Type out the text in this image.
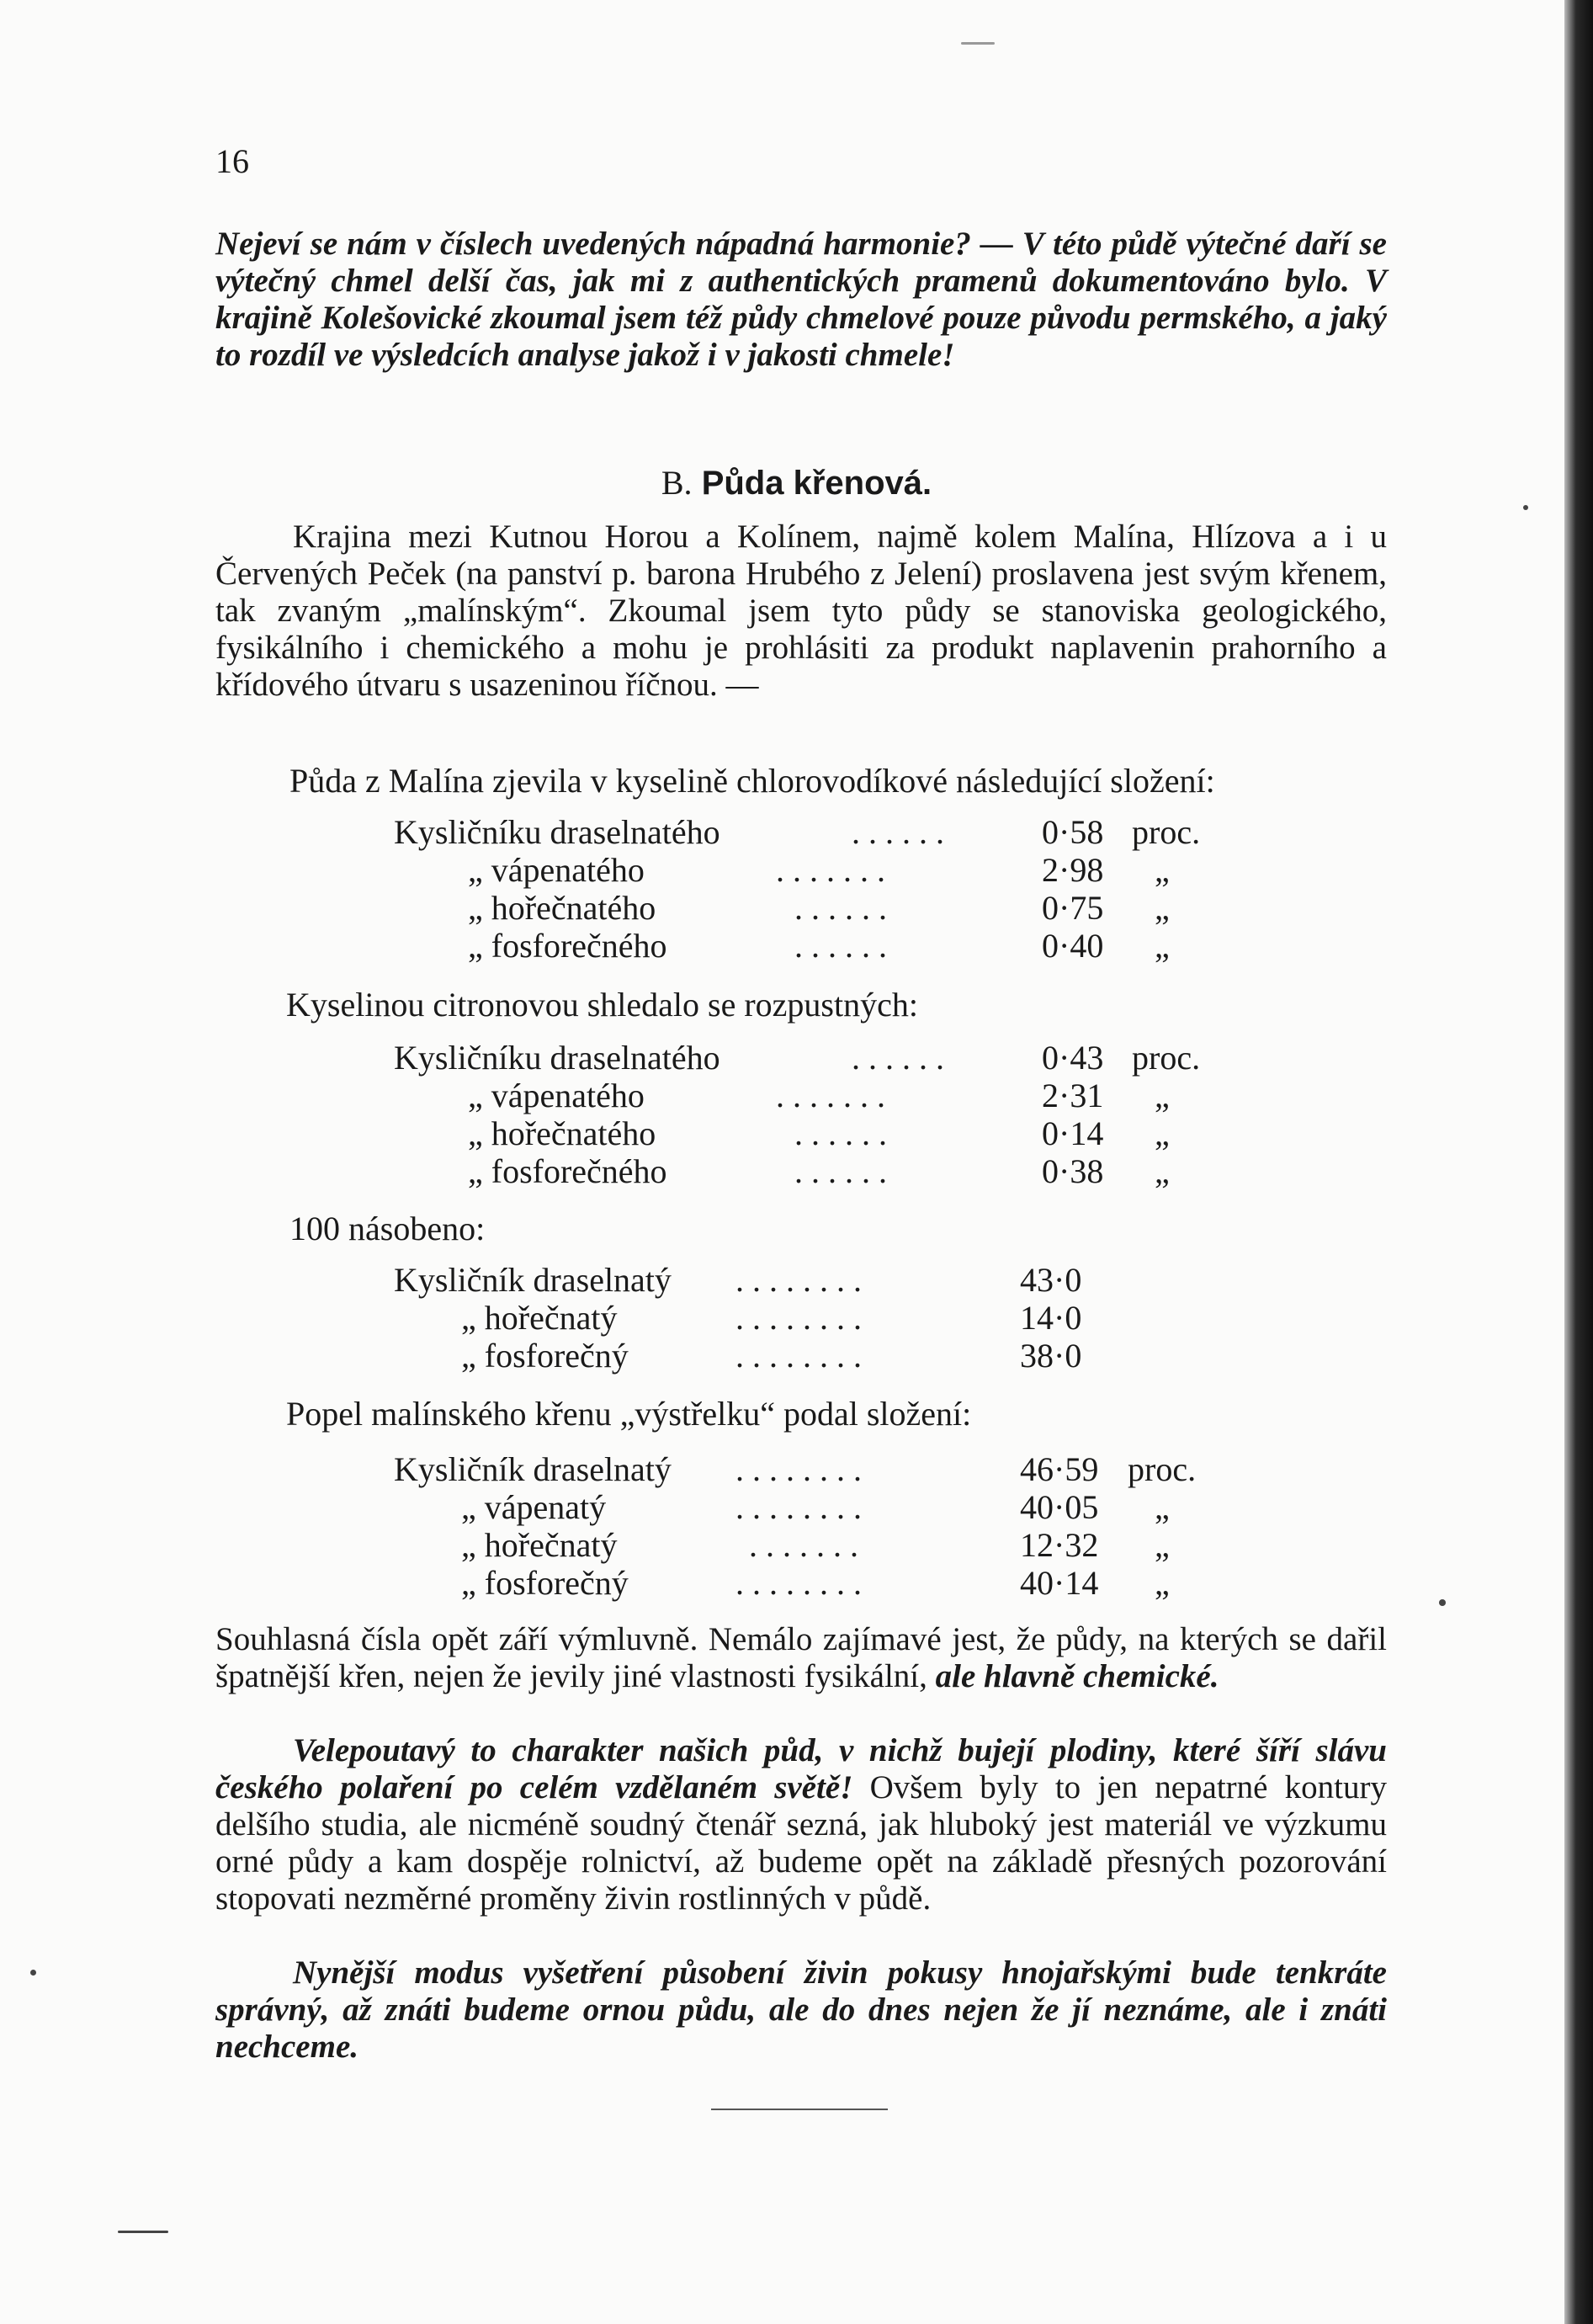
16

Nejeví se nám v číslech uvedených nápadná harmonie? — V této půdě výtečné daří se výtečný chmel delší čas, jak mi z authentických pramenů dokumentováno bylo. V krajině Kolešovické zkoumal jsem též půdy chmelové pouze původu permského, a jaký to rozdíl ve výsledcích analyse jakož i v jakosti chmele!

B. Půda křenová.

Krajina mezi Kutnou Horou a Kolínem, najmě kolem Malína, Hlízova a i u Červených Peček (na panství p. barona Hrubého z Jelení) proslavena jest svým křenem, tak zvaným „malínským“. Zkoumal jsem tyto půdy se stanoviska geologického, fysikálního i chemického a mohu je prohlásiti za produkt naplavenin prahorního a křídového útvaru s usazeninou říčnou. —

Půda z Malína zjevila v kyselině chlorovodíkové následující složení:
Kysličníku draselnatého	. . . . . .	0·58 proc.
„ vápenatého	. . . . . . .	2·98 „
„ hořečnatého	. . . . . .	0·75 „
„ fosforečného	. . . . . .	0·40 „
Kyselinou citronovou shledalo se rozpustných:
Kysličníku draselnatého	. . . . . .	0·43 proc.
„ vápenatého	. . . . . . .	2·31 „
„ hořečnatého	. . . . . .	0·14 „
„ fosforečného	. . . . . .	0·38 „
100 násobeno:
Kysličník draselnatý . . . . . . . .	43·0
„ hořečnatý	. . . . . . . .	14·0
„ fosforečný	. . . . . . . .	38·0
Popel malínského křenu „výstřelku“ podal složení:
Kysličník draselnatý . . . . . . . .	46·59 proc.
„ vápenatý	. . . . . . . .	40·05 „
„ hořečnatý	. . . . . . .	12·32 „
„ fosforečný	. . . . . . . .	40·14 „

Souhlasná čísla opět září výmluvně. Nemálo zajímavé jest, že půdy, na kterých se dařil špatnější křen, nejen že jevily jiné vlastnosti fysikální, ale hlavně chemické.

Velepoutavý to charakter našich půd, v nichž bujejí plodiny, které šíří slávu českého polaření po celém vzdělaném světě! Ovšem byly to jen nepatrné kontury delšího studia, ale nicméně soudný čtenář sezná, jak hluboký jest materiál ve výzkumu orné půdy a kam dospěje rolnictví, až budeme opět na základě přesných pozorování stopovati nezměrné proměny živin rostlinných v půdě.

Nynější modus vyšetření působení živin pokusy hnojařskými bude tenkráte správný, až znáti budeme ornou půdu, ale do dnes nejen že jí neznáme, ale i znáti nechceme.
